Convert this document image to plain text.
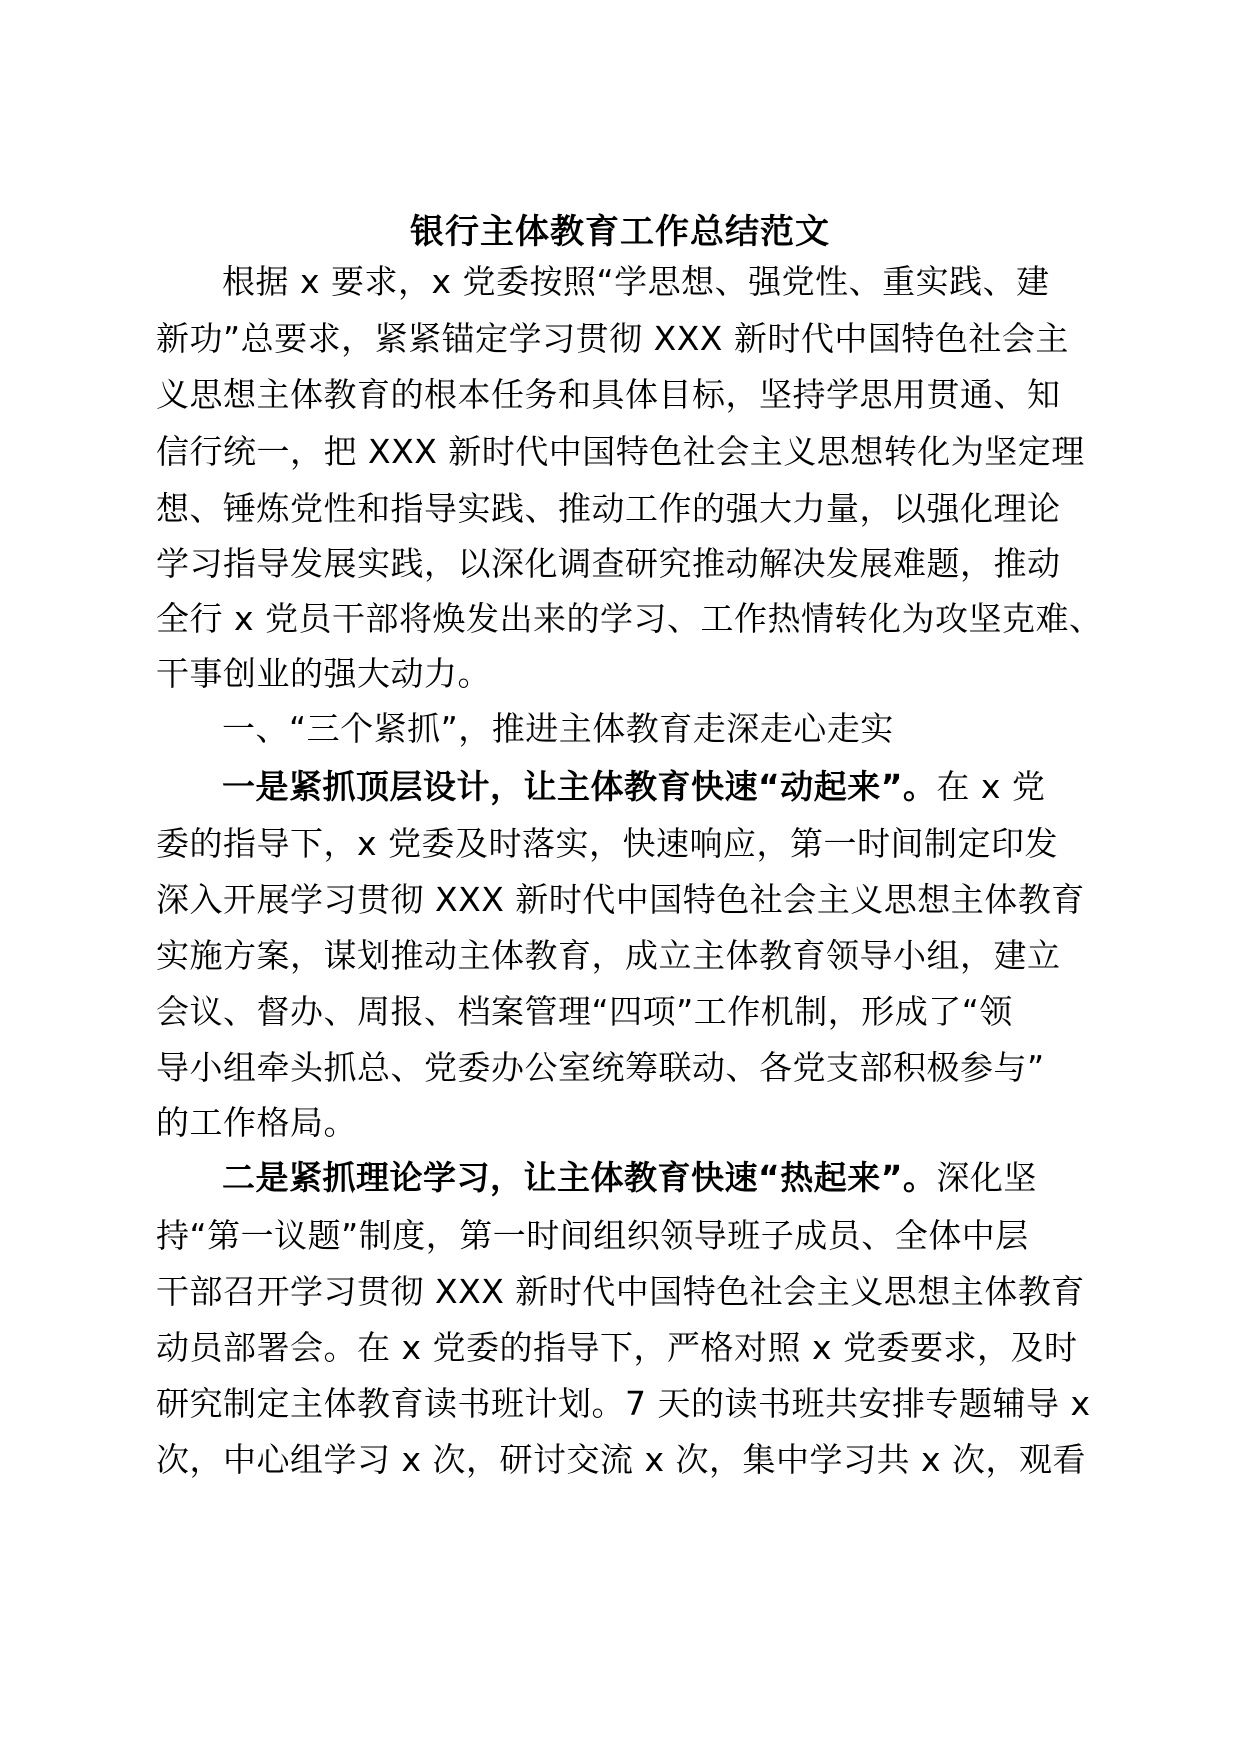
银行主体教育工作总结范文
根据 x 要求，x 党委按照“学思想、强党性、重实践、建
新功”总要求，紧紧锚定学习贯彻 XXX 新时代中国特色社会主
义思想主体教育的根本任务和具体目标，坚持学思用贯通、知
信行统一，把 XXX 新时代中国特色社会主义思想转化为坚定理
想、锤炼党性和指导实践、推动工作的强大力量，以强化理论
学习指导发展实践，以深化调查研究推动解决发展难题，推动
全行 x 党员干部将焕发出来的学习、工作热情转化为攻坚克难、
干事创业的强大动力。
一、“三个紧抓”，推进主体教育走深走心走实
一是紧抓顶层设计，让主体教育快速“动起来”。在 x 党
委的指导下，x 党委及时落实，快速响应，第一时间制定印发
深入开展学习贯彻 XXX 新时代中国特色社会主义思想主体教育
实施方案，谋划推动主体教育，成立主体教育领导小组，建立
会议、督办、周报、档案管理“四项”工作机制，形成了“领
导小组牵头抓总、党委办公室统筹联动、各党支部积极参与”
的工作格局。
二是紧抓理论学习，让主体教育快速“热起来”。深化坚
持“第一议题”制度，第一时间组织领导班子成员、全体中层
干部召开学习贯彻 XXX 新时代中国特色社会主义思想主体教育
动员部署会。在 x 党委的指导下，严格对照 x 党委要求，及时
研究制定主体教育读书班计划。7 天的读书班共安排专题辅导 x
次，中心组学习 x 次，研讨交流 x 次，集中学习共 x 次，观看
